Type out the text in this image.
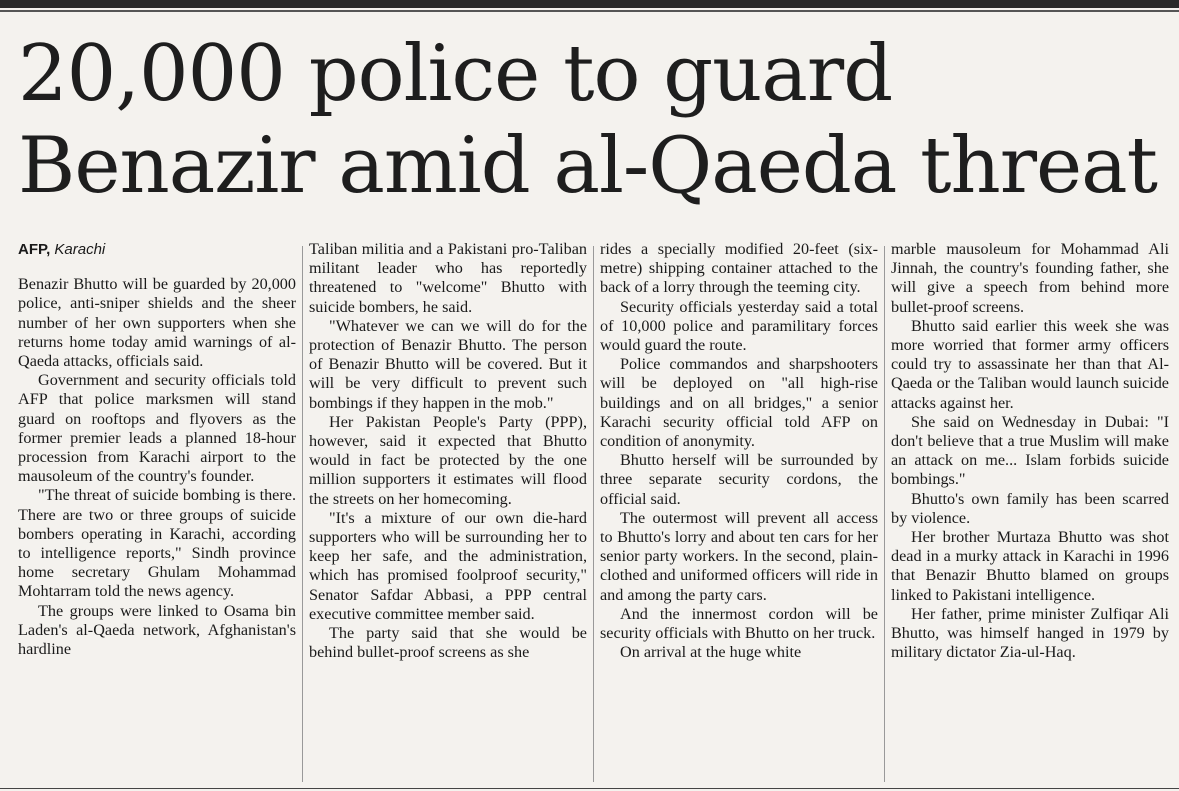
20,000 police to guard Benazir amid al-Qaeda threat
AFP, Karachi

Benazir Bhutto will be guarded by 20,000 police, anti-sniper shields and the sheer number of her own supporters when she returns home today amid warnings of al-Qaeda attacks, officials said.

Government and security officials told AFP that police marksmen will stand guard on rooftops and flyovers as the former premier leads a planned 18-hour procession from Karachi airport to the mausoleum of the country's founder.

"The threat of suicide bombing is there. There are two or three groups of suicide bombers operating in Karachi, according to intelligence reports," Sindh province home secretary Ghulam Mohammad Mohtarram told the news agency.

The groups were linked to Osama bin Laden's al-Qaeda network, Afghanistan's hardline

Taliban militia and a Pakistani pro-Taliban militant leader who has reportedly threatened to "welcome" Bhutto with suicide bombers, he said.

"Whatever we can we will do for the protection of Benazir Bhutto. The person of Benazir Bhutto will be covered. But it will be very difficult to prevent such bombings if they happen in the mob."

Her Pakistan People's Party (PPP), however, said it expected that Bhutto would in fact be protected by the one million supporters it estimates will flood the streets on her homecoming.

"It's a mixture of our own die-hard supporters who will be surrounding her to keep her safe, and the administration, which has promised foolproof security," Senator Safdar Abbasi, a PPP central executive committee member said.

The party said that she would be behind bullet-proof screens as she

rides a specially modified 20-feet (six-metre) shipping container attached to the back of a lorry through the teeming city.

Security officials yesterday said a total of 10,000 police and paramilitary forces would guard the route.

Police commandos and sharpshooters will be deployed on "all high-rise buildings and on all bridges," a senior Karachi security official told AFP on condition of anonymity.

Bhutto herself will be surrounded by three separate security cordons, the official said.

The outermost will prevent all access to Bhutto's lorry and about ten cars for her senior party workers. In the second, plain-clothed and uniformed officers will ride in and among the party cars.

And the innermost cordon will be security officials with Bhutto on her truck.

On arrival at the huge white

marble mausoleum for Mohammad Ali Jinnah, the country's founding father, she will give a speech from behind more bullet-proof screens.

Bhutto said earlier this week she was more worried that former army officers could try to assassinate her than that Al-Qaeda or the Taliban would launch suicide attacks against her.

She said on Wednesday in Dubai: "I don't believe that a true Muslim will make an attack on me... Islam forbids suicide bombings."

Bhutto's own family has been scarred by violence.

Her brother Murtaza Bhutto was shot dead in a murky attack in Karachi in 1996 that Benazir Bhutto blamed on groups linked to Pakistani intelligence.

Her father, prime minister Zulfiqar Ali Bhutto, was himself hanged in 1979 by military dictator Zia-ul-Haq.
